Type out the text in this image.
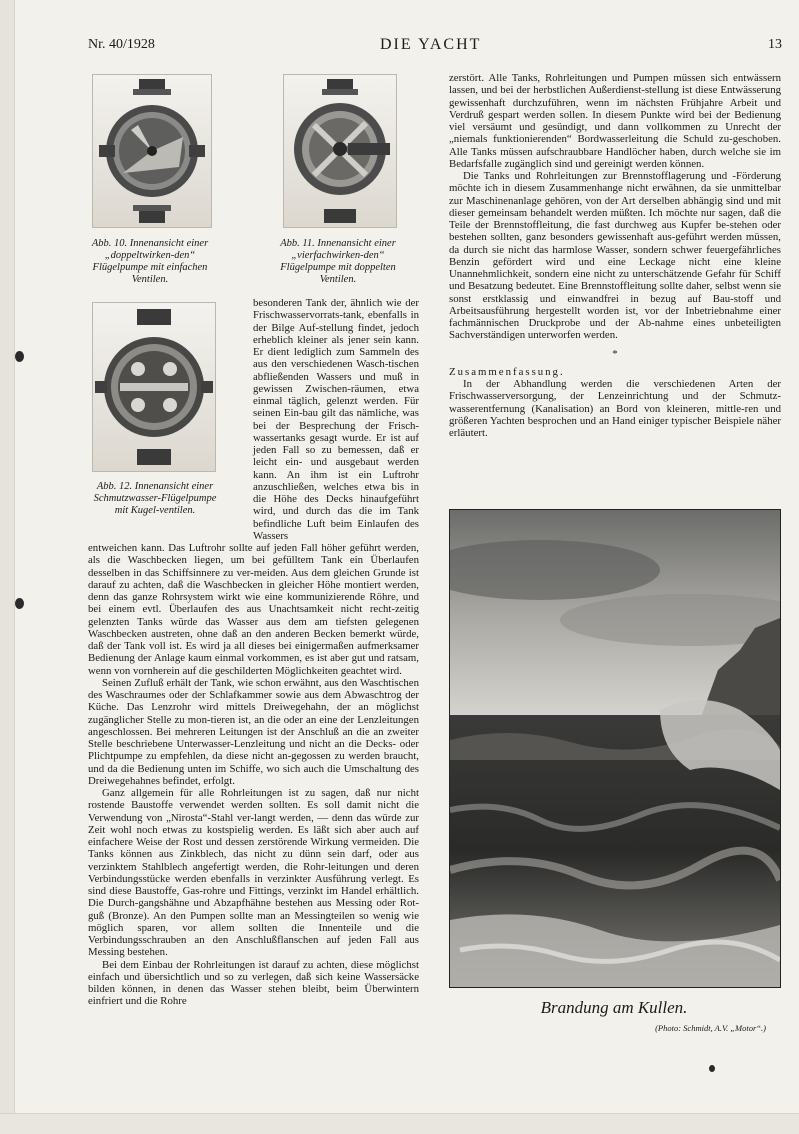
Nr. 40/1928	DIE YACHT	13
Abb. 10. Innenansicht einer „doppeltwirken-den“ Flügelpumpe mit einfachen Ventilen.
Abb. 11. Innenansicht einer „vierfachwirken-den“ Flügelpumpe mit doppelten Ventilen.
Abb. 12. Innenansicht einer Schmutzwasser-Flügelpumpe mit Kugel-ventilen.

besonderen Tank der, ähnlich wie der Frischwasservorrats-tank, ebenfalls in der Bilge Auf-stellung findet, jedoch erheblich kleiner als jener sein kann. Er dient lediglich zum Sammeln des aus den verschiedenen Wasch-tischen abfließenden Wassers und muß in gewissen Zwischen-räumen, etwa einmal täglich, gelenzt werden. Für seinen Ein-bau gilt das nämliche, was bei der Besprechung der Frisch-wassertanks gesagt wurde. Er ist auf jeden Fall so zu bemessen, daß er leicht ein- und ausgebaut werden kann. An ihm ist ein Luftrohr anzuschließen, welches etwa bis in die Höhe des Decks hinaufgeführt wird, und durch das die im Tank befindliche Luft beim Einlaufen des Wassers

entweichen kann. Das Luftrohr sollte auf jeden Fall höher geführt werden, als die Waschbecken liegen, um bei gefülltem Tank ein Überlaufen desselben in das Schiffsinnere zu ver-meiden. Aus dem gleichen Grunde ist darauf zu achten, daß die Waschbecken in gleicher Höhe montiert werden, denn das ganze Rohrsystem wirkt wie eine kommunizierende Röhre, und bei einem evtl. Überlaufen des aus Unachtsamkeit nicht recht-zeitig gelenzten Tanks würde das Wasser aus dem am tiefsten gelegenen Waschbecken austreten, ohne daß an den anderen Becken bemerkt würde, daß der Tank voll ist. Es wird ja all dieses bei einigermaßen aufmerksamer Bedienung der Anlage kaum einmal vorkommen, es ist aber gut und ratsam, wenn von vornherein auf die geschilderten Möglichkeiten geachtet wird.

Seinen Zufluß erhält der Tank, wie schon erwähnt, aus den Waschtischen des Waschraumes oder der Schlafkammer sowie aus dem Abwaschtrog der Küche. Das Lenzrohr wird mittels Dreiwegehahn, der an möglichst zugänglicher Stelle zu mon-tieren ist, an die oder an eine der Lenzleitungen angeschlossen. Bei mehreren Leitungen ist der Anschluß an die an zweiter Stelle beschriebene Unterwasser-Lenzleitung und nicht an die Decks- oder Plichtpumpe zu empfehlen, da diese nicht an-gegossen zu werden braucht, und da die Bedienung unten im Schiffe, wo sich auch die Umschaltung des Dreiwegehahnes befindet, erfolgt.

Ganz allgemein für alle Rohrleitungen ist zu sagen, daß nur nicht rostende Baustoffe verwendet werden sollten. Es soll damit nicht die Verwendung von „Nirosta“-Stahl ver-langt werden, — denn das würde zur Zeit wohl noch etwas zu kostspielig werden. Es läßt sich aber auch auf einfachere Weise der Rost und dessen zerstörende Wirkung vermeiden. Die Tanks können aus Zinkblech, das nicht zu dünn sein darf, oder aus verzinktem Stahlblech angefertigt werden, die Rohr-leitungen und deren Verbindungsstücke werden ebenfalls in verzinkter Ausführung verlegt. Es sind diese Baustoffe, Gas-rohre und Fittings, verzinkt im Handel erhältlich. Die Durch-gangshähne und Abzapfhähne bestehen aus Messing oder Rot-guß (Bronze). An den Pumpen sollte man an Messingteilen so wenig wie möglich sparen, vor allem sollten die Innenteile und die Verbindungsschrauben an den Anschlußflanschen auf jeden Fall aus Messing bestehen.

Bei dem Einbau der Rohrleitungen ist darauf zu achten, diese möglichst einfach und übersichtlich und so zu verlegen, daß sich keine Wassersäcke bilden können, in denen das Wasser stehen bleibt, beim Überwintern einfriert und die Rohre

zerstört. Alle Tanks, Rohrleitungen und Pumpen müssen sich entwässern lassen, und bei der herbstlichen Außerdienst-stellung ist diese Entwässerung gewissenhaft durchzuführen, wenn im nächsten Frühjahre Arbeit und Verdruß gespart werden sollen. In diesem Punkte wird bei der Bedienung viel versäumt und gesündigt, und dann vollkommen zu Unrecht der „niemals funktionierenden“ Bordwasserleitung die Schuld zu-geschoben. Alle Tanks müssen aufschraubbare Handlöcher haben, durch welche sie im Bedarfsfalle zugänglich sind und gereinigt werden können.

Die Tanks und Rohrleitungen zur Brennstofflagerung und -Förderung möchte ich in diesem Zusammenhange nicht erwähnen, da sie unmittelbar zur Maschinenanlage gehören, von der Art derselben abhängig sind und mit dieser gemeinsam behandelt werden müßten. Ich möchte nur sagen, daß die Teile der Brennstoffleitung, die fast durchweg aus Kupfer be-stehen oder bestehen sollten, ganz besonders gewissenhaft aus-geführt werden müssen, da durch sie nicht das harmlose Wasser, sondern schwer feuergefährliches Benzin gefördert wird und eine Leckage nicht eine kleine Unannehmlichkeit, sondern eine nicht zu unterschätzende Gefahr für Schiff und Besatzung bedeutet. Eine Brennstoffleitung sollte daher, selbst wenn sie sonst erstklassig und einwandfrei in bezug auf Bau-stoff und Arbeitsausführung hergestellt worden ist, vor der Inbetriebnahme einer fachmännischen Druckprobe und der Ab-nahme eines unbeteiligten Sachverständigen unterworfen werden.

*

Zusammenfassung.

In der Abhandlung werden die verschiedenen Arten der Frischwasserversorgung, der Lenzeinrichtung und der Schmutz-wasserentfernung (Kanalisation) an Bord von kleineren, mittle-ren und größeren Yachten besprochen und an Hand einiger typischer Beispiele näher erläutert.

Brandung am Kullen.
(Photo: Schmidt, A.V. „Motor“.)
